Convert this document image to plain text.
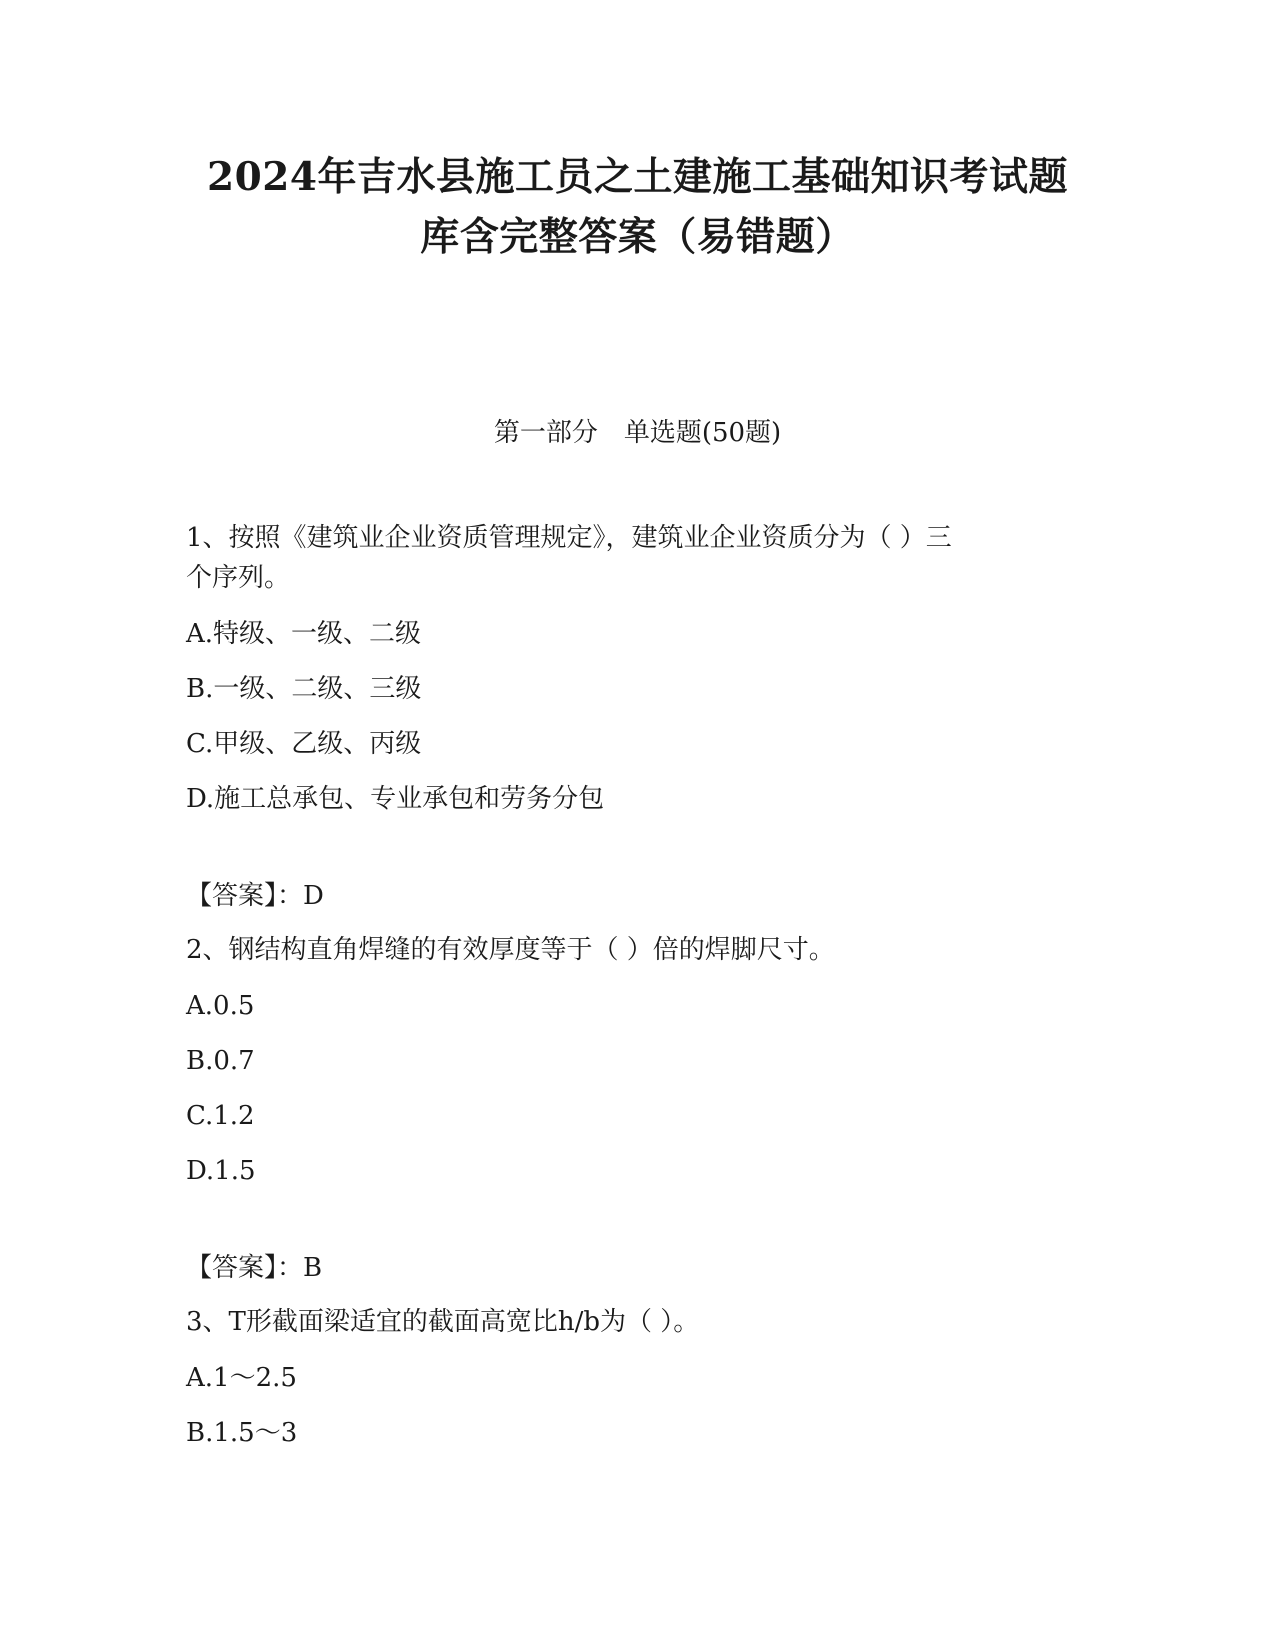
2024年吉水县施工员之土建施工基础知识考试题
库含完整答案（易错题）
第一部分　单选题(50题)
1、按照《建筑业企业资质管理规定》，建筑业企业资质分为（ ）三
个序列。
A.特级、一级、二级
B.一级、二级、三级
C.甲级、乙级、丙级
D.施工总承包、专业承包和劳务分包
【答案】：D
2、钢结构直角焊缝的有效厚度等于（ ）倍的焊脚尺寸。
A.0.5
B.0.7
C.1.2
D.1.5
【答案】：B
3、T形截面梁适宜的截面高宽比h/b为（ ）。
A.1～2.5
B.1.5～3
